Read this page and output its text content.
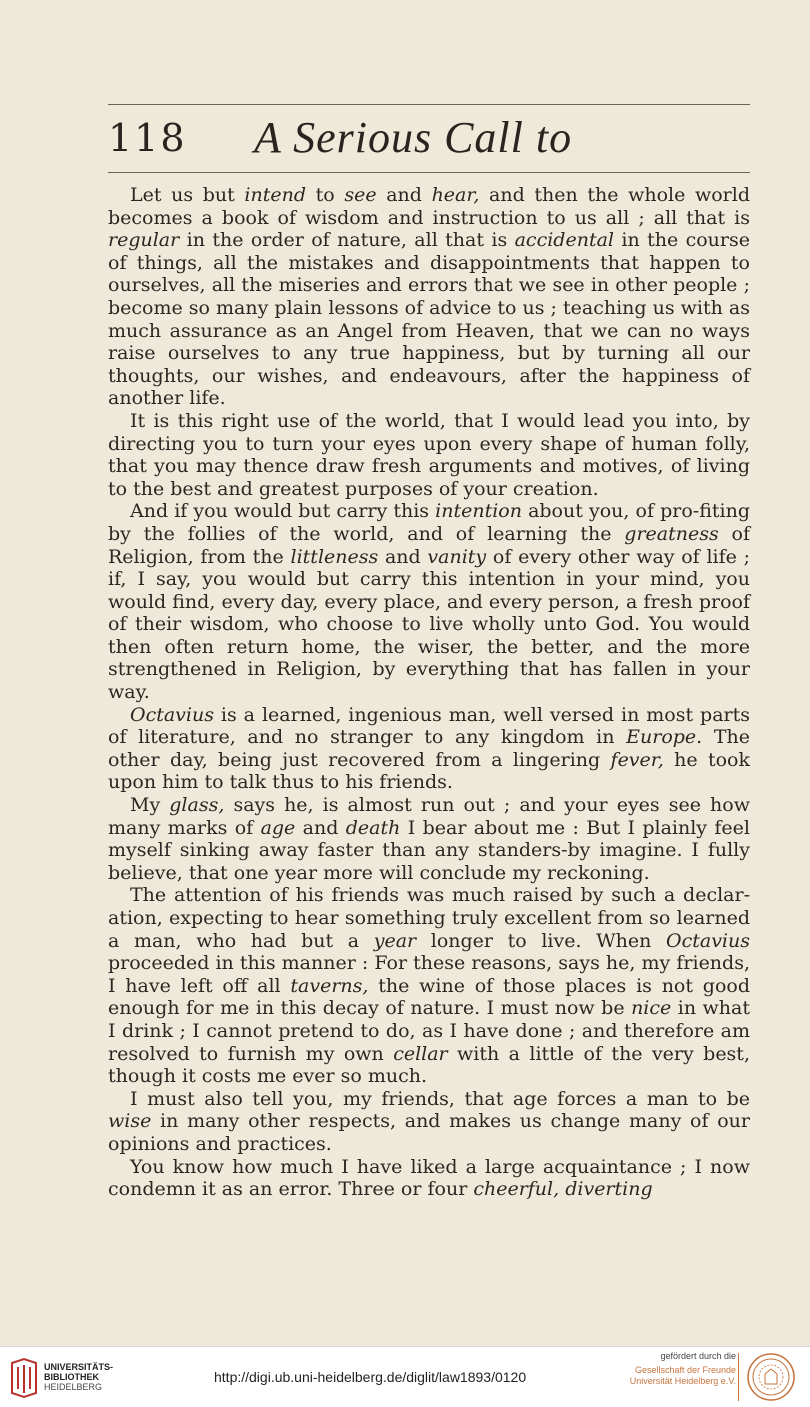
118 A Serious Call to

Let us but intend to see and hear, and then the whole world becomes a book of wisdom and instruction to us all ; all that is regular in the order of nature, all that is accidental in the course of things, all the mistakes and disappointments that happen to ourselves, all the miseries and errors that we see in other people ; become so many plain lessons of advice to us ; teaching us with as much assurance as an Angel from Heaven, that we can no ways raise ourselves to any true happiness, but by turning all our thoughts, our wishes, and endeavours, after the happiness of another life.

It is this right use of the world, that I would lead you into, by directing you to turn your eyes upon every shape of human folly, that you may thence draw fresh arguments and motives, of living to the best and greatest purposes of your creation.

And if you would but carry this intention about you, of pro-fiting by the follies of the world, and of learning the greatness of Religion, from the littleness and vanity of every other way of life ; if, I say, you would but carry this intention in your mind, you would find, every day, every place, and every person, a fresh proof of their wisdom, who choose to live wholly unto God. You would then often return home, the wiser, the better, and the more strengthened in Religion, by everything that has fallen in your way.

Octavius is a learned, ingenious man, well versed in most parts of literature, and no stranger to any kingdom in Europe. The other day, being just recovered from a lingering fever, he took upon him to talk thus to his friends.

My glass, says he, is almost run out ; and your eyes see how many marks of age and death I bear about me : But I plainly feel myself sinking away faster than any standers-by imagine. I fully believe, that one year more will conclude my reckoning.

The attention of his friends was much raised by such a declar-ation, expecting to hear something truly excellent from so learned a man, who had but a year longer to live. When Octavius proceeded in this manner : For these reasons, says he, my friends, I have left off all taverns, the wine of those places is not good enough for me in this decay of nature. I must now be nice in what I drink ; I cannot pretend to do, as I have done ; and therefore am resolved to furnish my own cellar with a little of the very best, though it costs me ever so much.

I must also tell you, my friends, that age forces a man to be wise in many other respects, and makes us change many of our opinions and practices.

You know how much I have liked a large acquaintance ; I now condemn it as an error. Three or four cheerful, diverting

UNIVERSITÄTS-
BIBLIOTHEK
HEIDELBERG
http://digi.ub.uni-heidelberg.de/diglit/law1893/0120
gefördert durch die
Gesellschaft der Freunde
Universität Heidelberg e.V.
